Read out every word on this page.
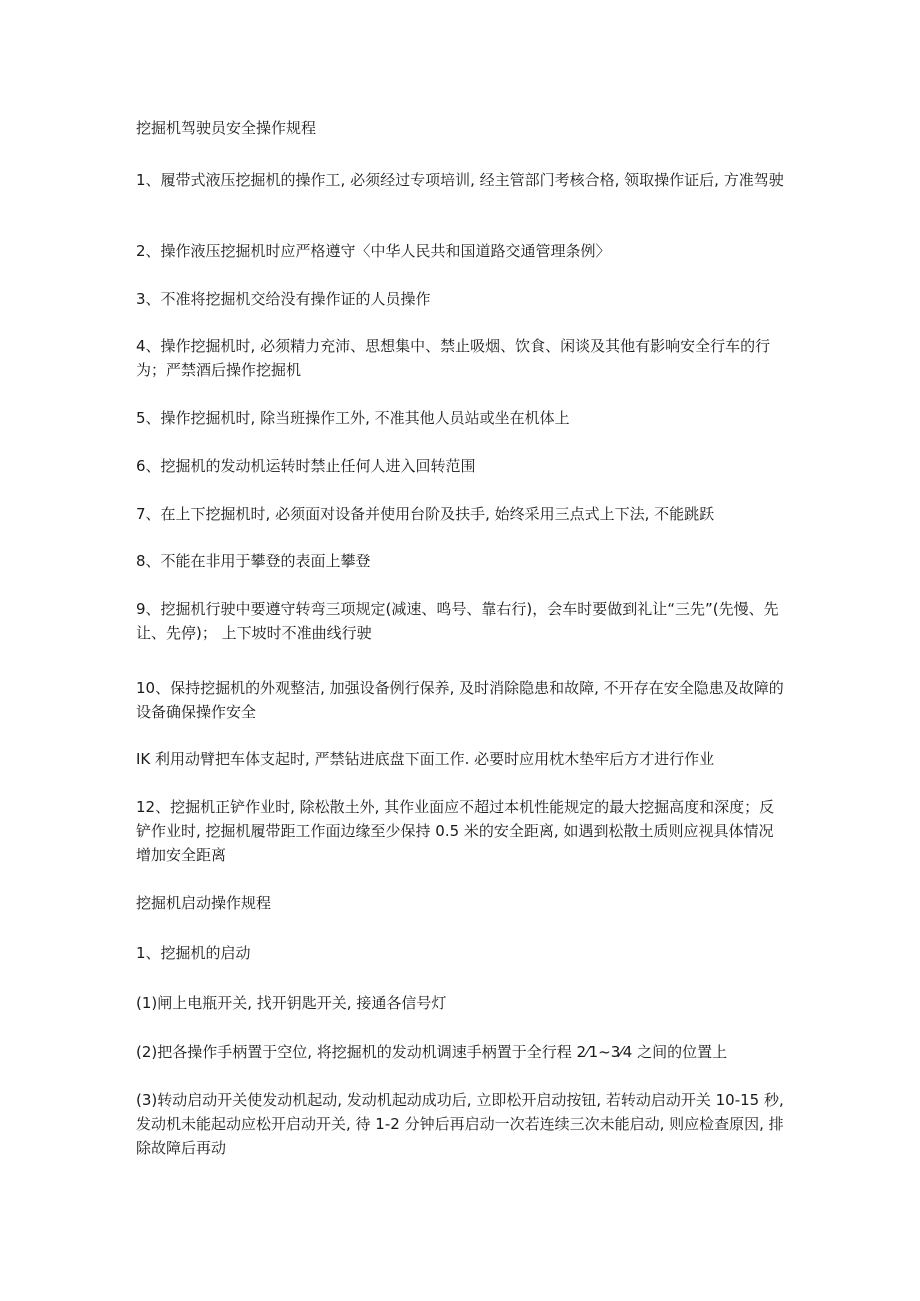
挖掘机驾驶员安全操作规程

1、履带式液压挖掘机的操作工, 必须经过专项培训, 经主管部门考核合格, 领取操作证后, 方准驾驶

2、操作液压挖掘机时应严格遵守〈中华人民共和国道路交通管理条例〉

3、不准将挖掘机交给没有操作证的人员操作

4、操作挖掘机时, 必须精力充沛、思想集中、禁止吸烟、饮食、闲谈及其他有影响安全行车的行为；严禁酒后操作挖掘机

5、操作挖掘机时, 除当班操作工外, 不准其他人员站或坐在机体上

6、挖掘机的发动机运转时禁止任何人进入回转范围

7、在上下挖掘机时, 必须面对设备并使用台阶及扶手, 始终采用三点式上下法, 不能跳跃

8、不能在非用于攀登的表面上攀登

9、挖掘机行驶中要遵守转弯三项规定(减速、鸣号、靠右行)，会车时要做到礼让“三先”(先慢、先让、先停)； 上下坡时不准曲线行驶

10、保持挖掘机的外观整洁, 加强设备例行保养, 及时消除隐患和故障, 不开存在安全隐患及故障的设备确保操作安全

IK 利用动臂把车体支起时, 严禁钻进底盘下面工作. 必要时应用枕木垫牢后方才进行作业

12、挖掘机正铲作业时, 除松散土外, 其作业面应不超过本机性能规定的最大挖掘高度和深度；反铲作业时, 挖掘机履带距工作面边缘至少保持 0.5 米的安全距离, 如遇到松散土质则应视具体情况增加安全距离

挖掘机启动操作规程

1、挖掘机的启动

(1)闸上电瓶开关, 找开钥匙开关, 接通各信号灯

(2)把各操作手柄置于空位, 将挖掘机的发动机调速手柄置于全行程 2⁄1~3⁄4 之间的位置上

(3)转动启动开关使发动机起动, 发动机起动成功后, 立即松开启动按钮, 若转动启动开关 10-15 秒, 发动机未能起动应松开启动开关, 待 1-2 分钟后再启动一次若连续三次未能启动, 则应检查原因, 排除故障后再动
